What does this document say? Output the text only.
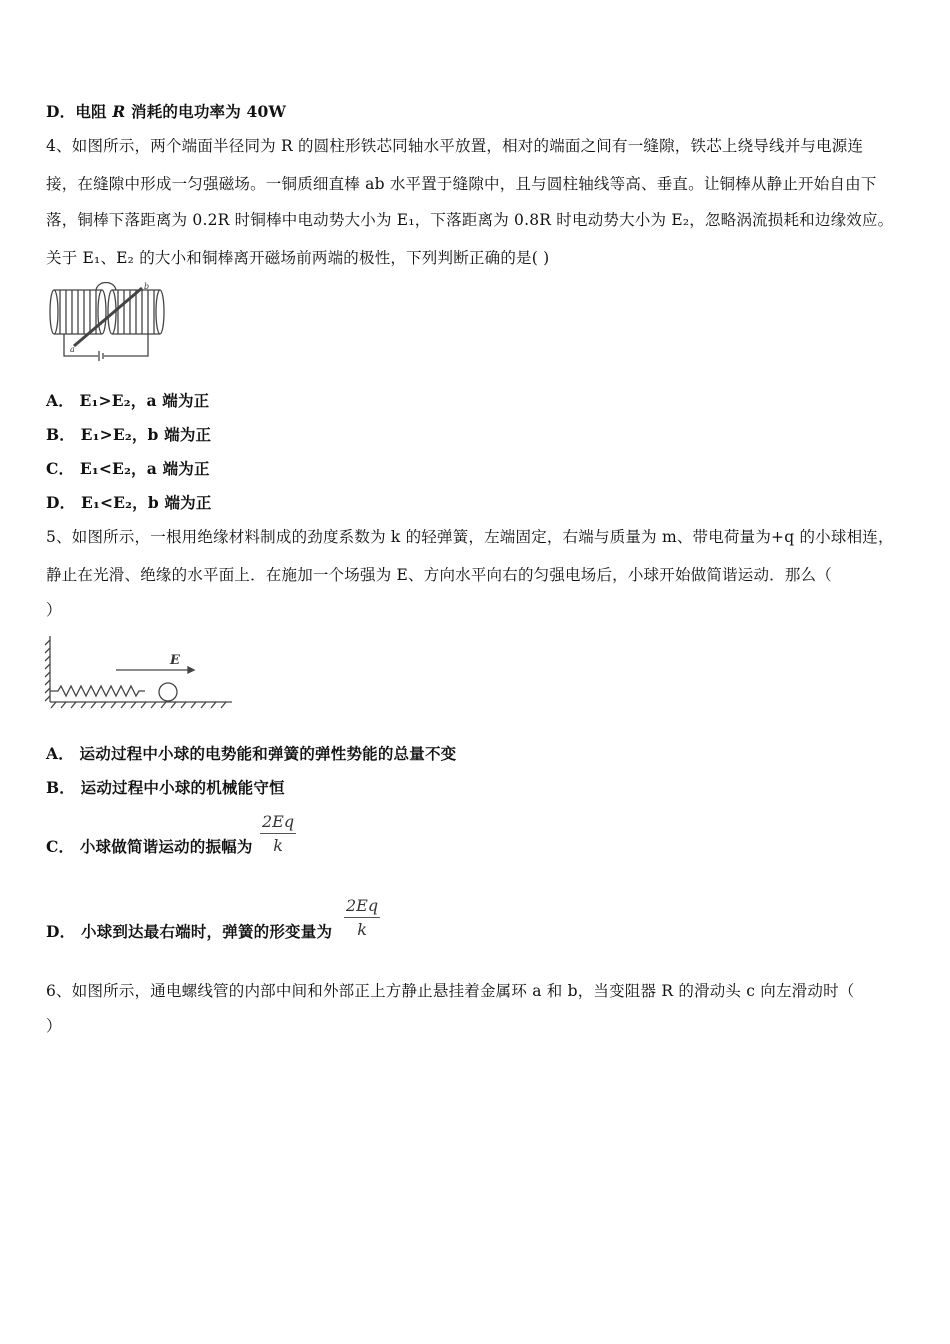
D．电阻 R 消耗的电功率为 40W
4、如图所示，两个端面半径同为 R 的圆柱形铁芯同轴水平放置，相对的端面之间有一缝隙，铁芯上绕导线并与电源连
接，在缝隙中形成一匀强磁场。一铜质细直棒 ab 水平置于缝隙中，且与圆柱轴线等高、垂直。让铜棒从静止开始自由下
落，铜棒下落距离为 0.2R 时铜棒中电动势大小为 E₁，下落距离为 0.8R 时电动势大小为 E₂，忽略涡流损耗和边缘效应。
关于 E₁、E₂ 的大小和铜棒离开磁场前两端的极性，下列判断正确的是( )
a
b
A． E₁>E₂，a 端为正
B． E₁>E₂，b 端为正
C． E₁<E₂，a 端为正
D． E₁<E₂，b 端为正
5、如图所示，一根用绝缘材料制成的劲度系数为 k 的轻弹簧，左端固定，右端与质量为 m、带电荷量为+q 的小球相连，
静止在光滑、绝缘的水平面上．在施加一个场强为 E、方向水平向右的匀强电场后，小球开始做简谐运动．那么（
）
E
A． 运动过程中小球的电势能和弹簧的弹性势能的总量不变
B． 运动过程中小球的机械能守恒
C． 小球做简谐运动的振幅为 $\frac{2Eq}{k}$
D． 小球到达最右端时，弹簧的形变量为 $\frac{2Eq}{k}$
6、如图所示，通电螺线管的内部中间和外部正上方静止悬挂着金属环 a 和 b，当变阻器 R 的滑动头 c 向左滑动时（
）
